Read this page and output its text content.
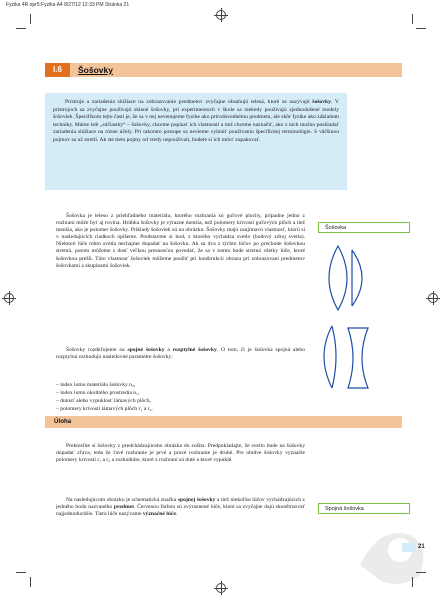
Fyzika 4R opr5:Fyzika A4 8/27/12 12:33 PM Stránka 21
I.6	Šošovky

Prístroje a zariadenia slúžiace na zobrazovanie predmetov zvyčajne obsahujú telesá, ktoré sa nazývajú šošovky. V prístrojoch sa zvyčajne používajú sklené šošovky, pri experimentoch v škole sa niekedy používajú zjednodušené modely šošoviek. Špecifikom tejto časti je, že sa v nej nevenujeme fyzike ako prírodovednému predmetu, ale skôr fyzike ako základom techniky. Máme istě „súčiastky“ – šošovky, chceme popísať ich vlastnosti a tiež chceme naznačiť, ako z nich možno poskladať zariadenia slúžiace na rôzne účely. Pri takomto postupe sa nevieme vyhnúť používaniu špecifickej terminológie. S väčšinou pojmov sa už stretli. Ak ste tieto pojmy od vtedy nepoužívali, budete si ich môcť zopakovať.

Šošovka je teleso z priehľadného materiálu, ktorého rozhrania sú guľové plochy, prípadne jedno z rozhraní môže byť aj rovina. Hrúbka šošovky je výrazne menšia, než polomery krivosti guľových plôch a tiež menšia, ako je polomer šošovky. Príklady šošoviek sú na obrázku. Šošovky majú zaujímavú vlastnosť, ktorú si v nasledujúcich riadkoch opíšeme. Predstavme si bod, z ktorého vychádza svetlo (bodový zdroj svetla). Niektoré lúče tohto svetla nechajme dopadať na šošovku. Ak sa dva z týchto lúčov po prechode šošovkou stretnú, potom môžeme s dosť veľkou presnosťou povedať, že sa v tomto bode stretnú všetky lúče, ktoré šošovkou prešli. Túto vlastnosť šošoviek môžeme použiť pri konštrukcii obrazu pri zobrazovaní predmetov šošovkami a skupinami šošoviek.

Šošovka

Šošovky rozdeľujeme na spojné šošovky a rozptylné šošovky. O tom, či je šošovka spojná alebo rozptylná rozhodujú nasledovné parametre šošovky:

– index lomu materiálu šošovky n₂,
– index lomu okolitého prostredia n₁,
– dutosť alebo vypuklosť lámavých plôch,
– polomery krivosti lámavých plôch r₁ a r₂.
Úloha

Prekreslite si šošovky z predchádzajúceho obrázka do zošita. Predpokladajte, že svetlo bude na šošovky dopadať zľava, teda že ľavé rozhranie je prvé a pravé rozhranie je druhé. Pre obidve šošovky vyznačte polomery krivosti r₁ a r₂ a rozhodnite, ktoré z rozhraní sú duté a ktoré vypuklé.

Na nasledujúcom obrázku je schematická značka spojnej šošovky a tiež niekoľko lúčov vychádzajúcich z jedného bodu nazvaného predmet. Červenou farbou sú zvýraznené lúče, ktoré sa zvyčajne dajú skonštruovať najjednoduchšie. Tieto lúče nazývame význačné lúče.

Spojná šošovka
21
